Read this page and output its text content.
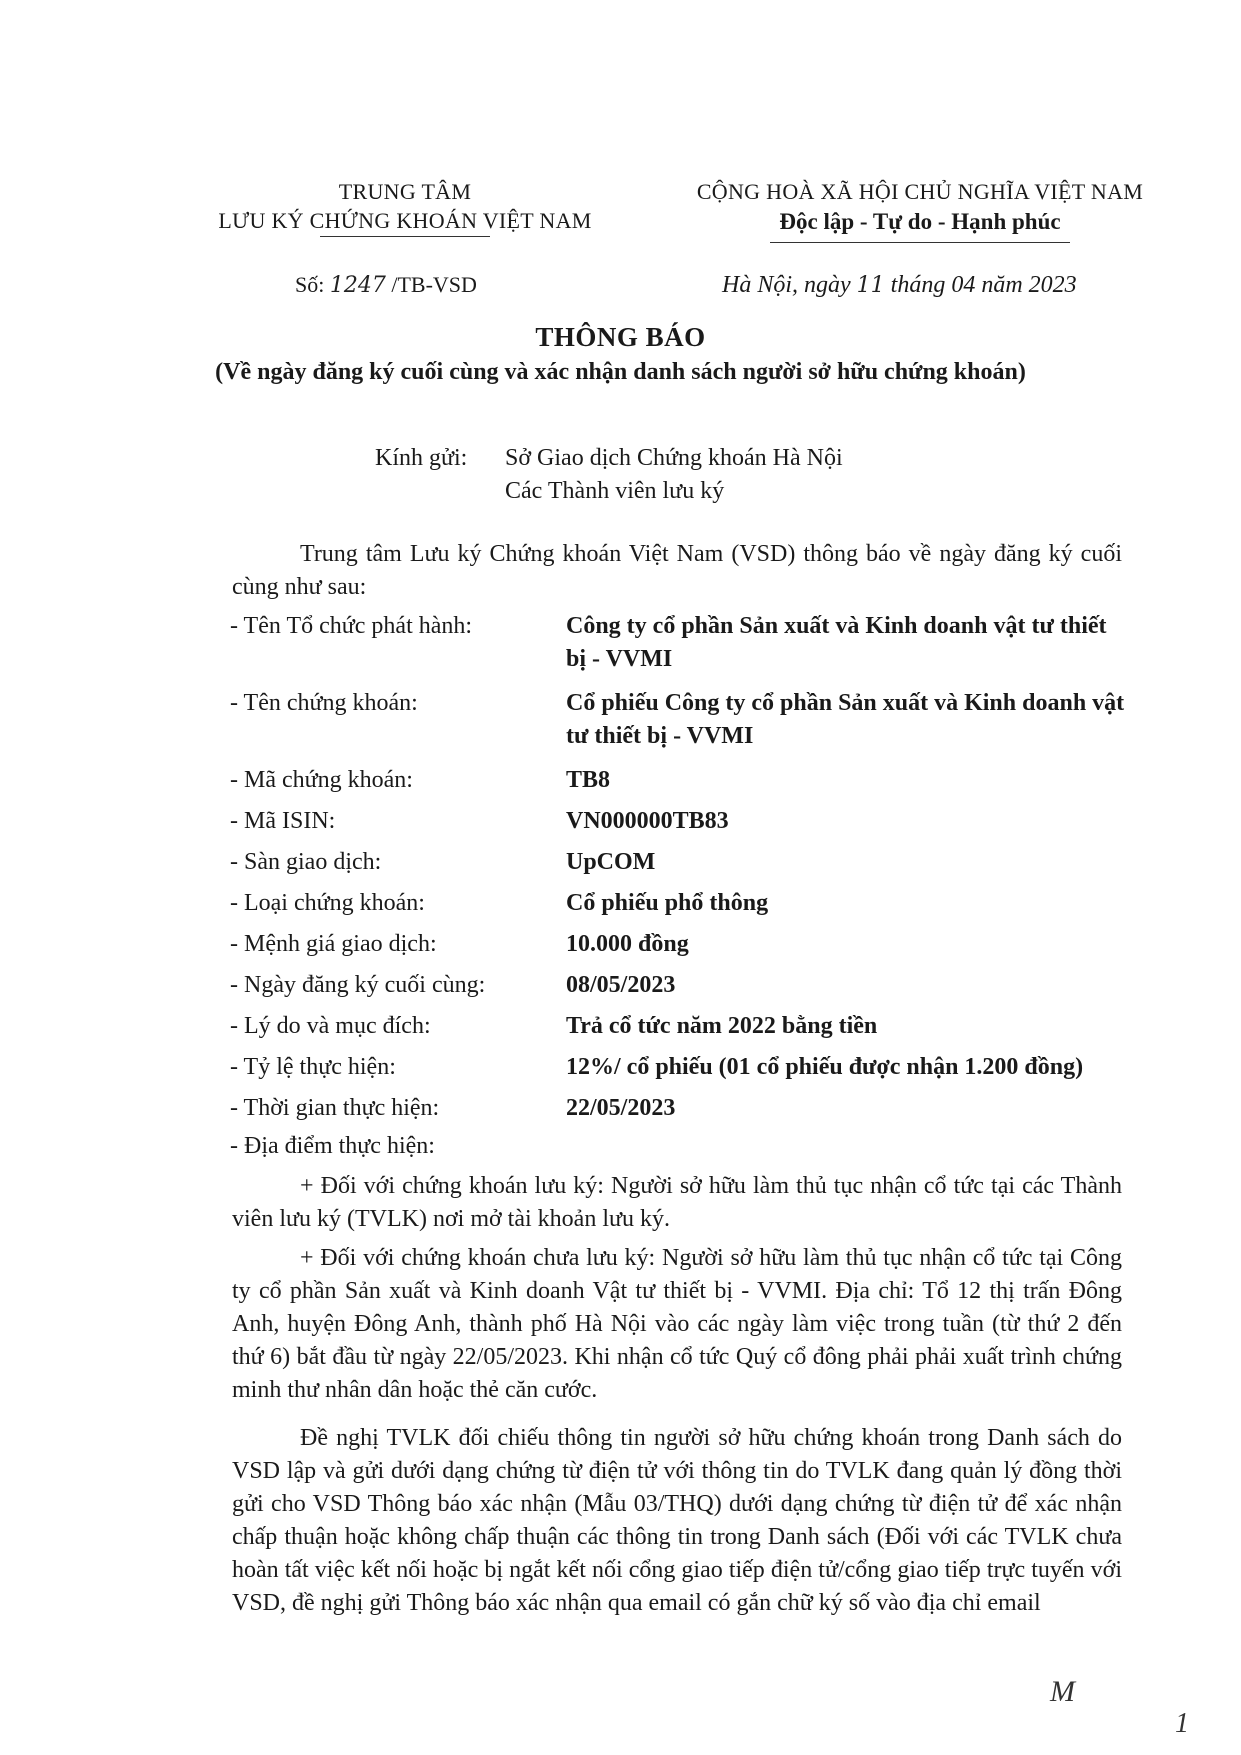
TRUNG TÂM
LƯU KÝ CHỨNG KHOÁN VIỆT NAM
CỘNG HOÀ XÃ HỘI CHỦ NGHĨA VIỆT NAM
Độc lập - Tự do - Hạnh phúc
Số: 1247 /TB-VSD	Hà Nội, ngày 11 tháng 04 năm 2023
THÔNG BÁO
(Về ngày đăng ký cuối cùng và xác nhận danh sách người sở hữu chứng khoán)
Kính gửi: Sở Giao dịch Chứng khoán Hà Nội
Các Thành viên lưu ký
Trung tâm Lưu ký Chứng khoán Việt Nam (VSD) thông báo về ngày đăng ký cuối cùng như sau:
- Tên Tổ chức phát hành:	Công ty cổ phần Sản xuất và Kinh doanh vật tư thiết bị - VVMI
- Tên chứng khoán:	Cổ phiếu Công ty cổ phần Sản xuất và Kinh doanh vật tư thiết bị - VVMI
- Mã chứng khoán:	TB8
- Mã ISIN:	VN000000TB83
- Sàn giao dịch:	UpCOM
- Loại chứng khoán:	Cổ phiếu phổ thông
- Mệnh giá giao dịch:	10.000 đồng
- Ngày đăng ký cuối cùng:	08/05/2023
- Lý do và mục đích:	Trả cổ tức năm 2022 bằng tiền
- Tỷ lệ thực hiện:	12%/ cổ phiếu (01 cổ phiếu được nhận 1.200 đồng)
- Thời gian thực hiện:	22/05/2023
- Địa điểm thực hiện:
+ Đối với chứng khoán lưu ký: Người sở hữu làm thủ tục nhận cổ tức tại các Thành viên lưu ký (TVLK) nơi mở tài khoản lưu ký.
+ Đối với chứng khoán chưa lưu ký: Người sở hữu làm thủ tục nhận cổ tức tại Công ty cổ phần Sản xuất và Kinh doanh Vật tư thiết bị - VVMI. Địa chỉ: Tổ 12 thị trấn Đông Anh, huyện Đông Anh, thành phố Hà Nội vào các ngày làm việc trong tuần (từ thứ 2 đến thứ 6) bắt đầu từ ngày 22/05/2023. Khi nhận cổ tức Quý cổ đông phải phải xuất trình chứng minh thư nhân dân hoặc thẻ căn cước.
Đề nghị TVLK đối chiếu thông tin người sở hữu chứng khoán trong Danh sách do VSD lập và gửi dưới dạng chứng từ điện tử với thông tin do TVLK đang quản lý đồng thời gửi cho VSD Thông báo xác nhận (Mẫu 03/THQ) dưới dạng chứng từ điện tử để xác nhận chấp thuận hoặc không chấp thuận các thông tin trong Danh sách (Đối với các TVLK chưa hoàn tất việc kết nối hoặc bị ngắt kết nối cổng giao tiếp điện tử/cổng giao tiếp trực tuyến với VSD, đề nghị gửi Thông báo xác nhận qua email có gắn chữ ký số vào địa chỉ email
M
1
